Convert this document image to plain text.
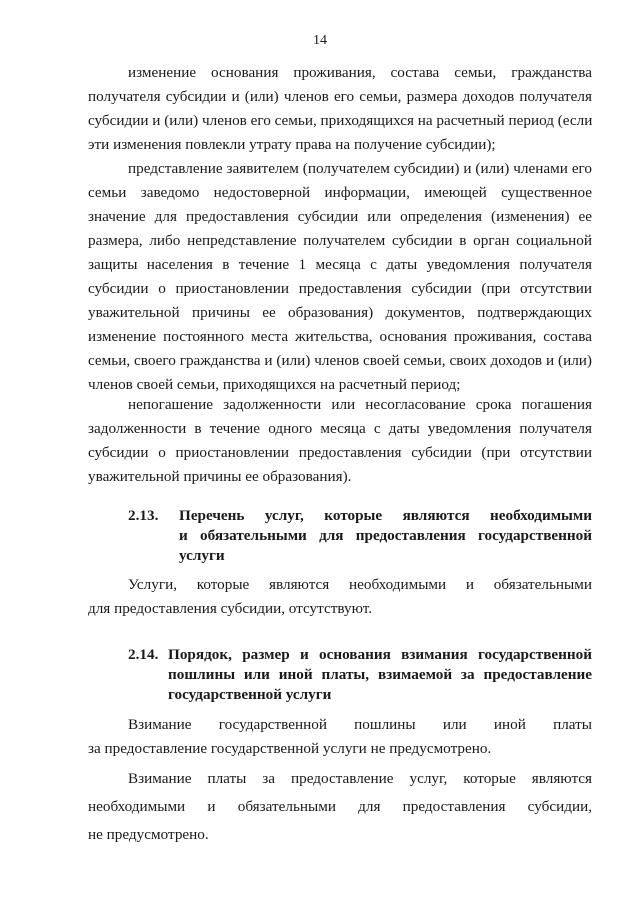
14
изменение основания проживания, состава семьи, гражданства
получателя субсидии и (или) членов его семьи, размера доходов получателя
субсидии и (или) членов его семьи, приходящихся на расчетный период (если
эти изменения повлекли утрату права на получение субсидии);
представление заявителем (получателем субсидии) и (или) членами его
семьи заведомо недостоверной информации, имеющей существенное
значение для предоставления субсидии или определения (изменения) ее
размера, либо непредставление получателем субсидии в орган социальной
защиты населения в течение 1 месяца с даты уведомления получателя
субсидии о приостановлении предоставления субсидии (при отсутствии
уважительной причины ее образования) документов, подтверждающих
изменение постоянного места жительства, основания проживания, состава
семьи, своего гражданства и (или) членов своей семьи, своих доходов и (или)
членов своей семьи, приходящихся на расчетный период;
непогашение задолженности или несогласование срока погашения
задолженности в течение одного месяца с даты уведомления получателя
субсидии о приостановлении предоставления субсидии (при отсутствии
уважительной причины ее образования).
2.13. Перечень услуг, которые являются необходимыми
и обязательными для предоставления государственной
услуги
Услуги, которые являются необходимыми и обязательными
для предоставления субсидии, отсутствуют.
2.14. Порядок, размер и основания взимания государственной
пошлины или иной платы, взимаемой за предоставление
государственной услуги
Взимание государственной пошлины или иной платы
за предоставление государственной услуги не предусмотрено.
Взимание платы за предоставление услуг, которые являются
необходимыми и обязательными для предоставления субсидии,
не предусмотрено.
